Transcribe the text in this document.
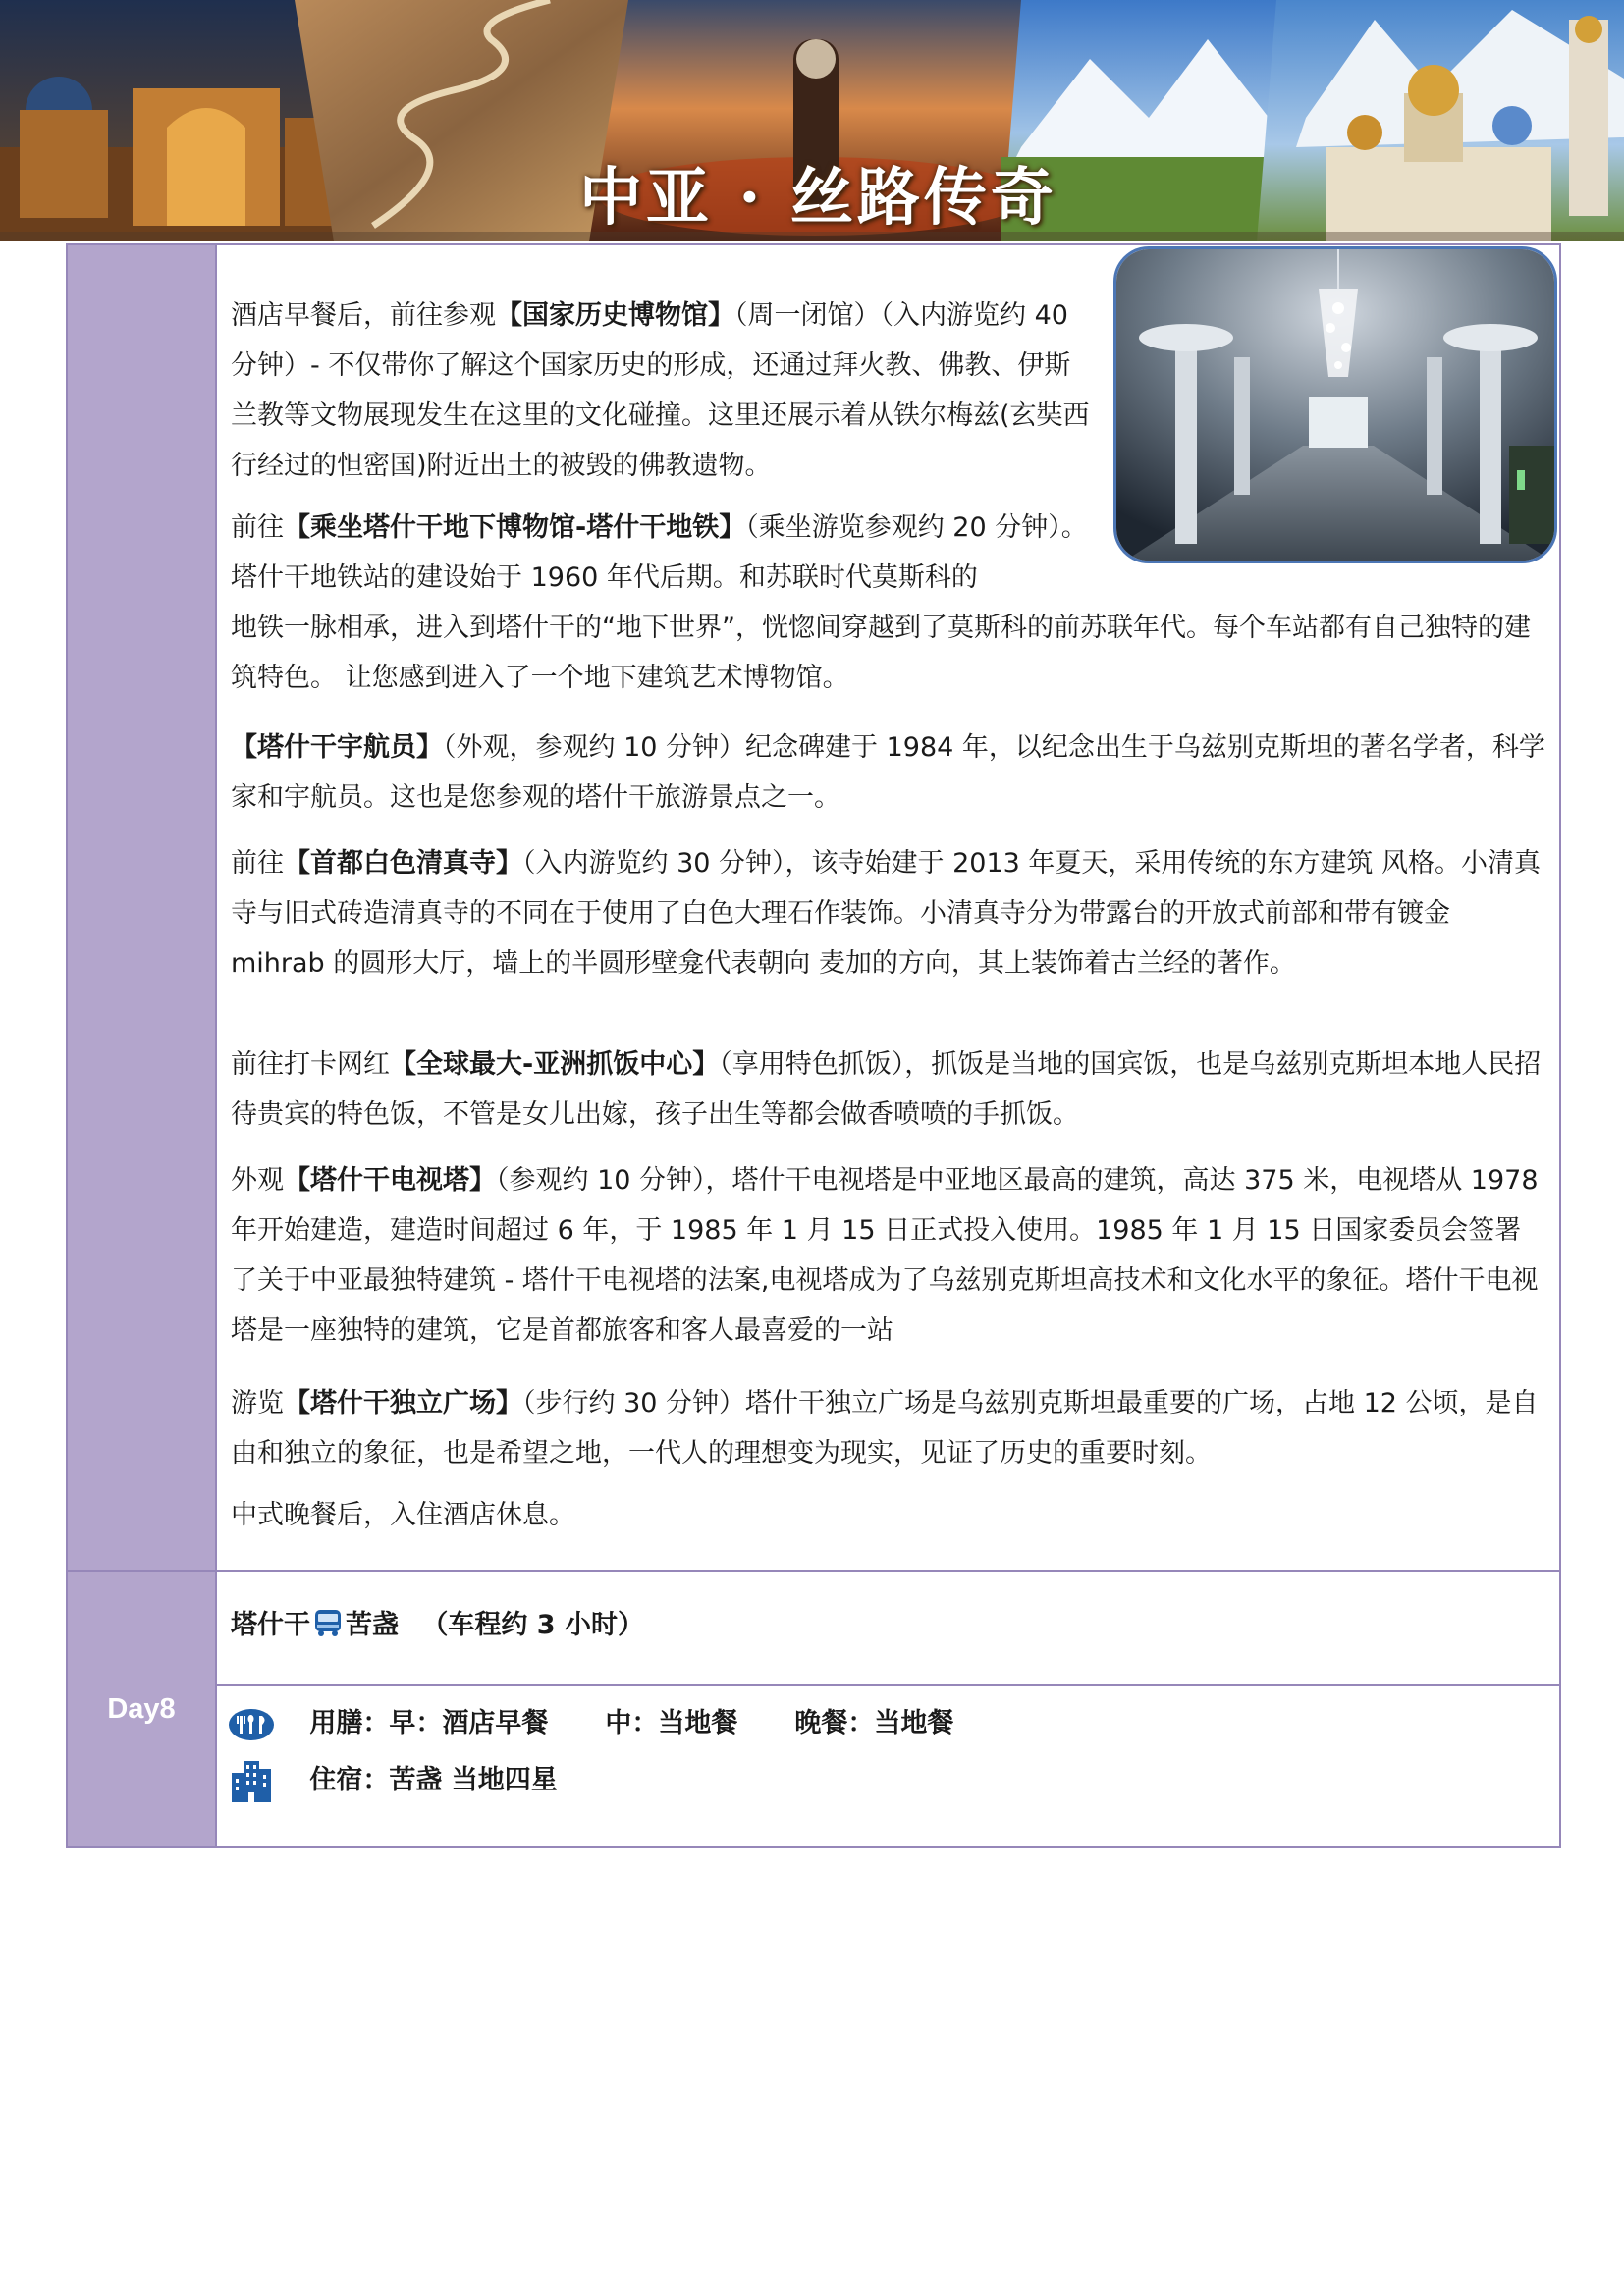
中亚 · 丝路传奇
Day8

酒店早餐后，前往参观【国家历史博物馆】（周一闭馆）（入内游览约 40 分钟）- 不仅带你了解这个国家历史的形成，还通过拜火教、佛教、伊斯兰教等文物展现发生在这里的文化碰撞。这里还展示着从铁尔梅兹(玄奘西行经过的怛密国)附近出土的被毁的佛教遗物。

前往【乘坐塔什干地下博物馆-塔什干地铁】（乘坐游览参观约 20 分钟）。塔什干地铁站的建设始于 1960 年代后期。和苏联时代莫斯科的

地铁一脉相承，进入到塔什干的“地下世界”，恍惚间穿越到了莫斯科的前苏联年代。每个车站都有自己独特的建筑特色。 让您感到进入了一个地下建筑艺术博物馆。

【塔什干宇航员】（外观，参观约 10 分钟）纪念碑建于 1984 年，以纪念出生于乌兹别克斯坦的著名学者，科学家和宇航员。这也是您参观的塔什干旅游景点之一。

前往【首都白色清真寺】（入内游览约 30 分钟），该寺始建于 2013 年夏天，采用传统的东方建筑 风格。小清真寺与旧式砖造清真寺的不同在于使用了白色大理石作装饰。小清真寺分为带露台的开放式前部和带有镀金 mihrab 的圆形大厅，墙上的半圆形壁龛代表朝向 麦加的方向，其上装饰着古兰经的著作。

前往打卡网红【全球最大-亚洲抓饭中心】（享用特色抓饭），抓饭是当地的国宾饭，也是乌兹别克斯坦本地人民招待贵宾的特色饭，不管是女儿出嫁，孩子出生等都会做香喷喷的手抓饭。

外观【塔什干电视塔】（参观约 10 分钟），塔什干电视塔是中亚地区最高的建筑，高达 375 米，电视塔从 1978 年开始建造，建造时间超过 6 年，于 1985 年 1 月 15 日正式投入使用。1985 年 1 月 15 日国家委员会签署了关于中亚最独特建筑 - 塔什干电视塔的法案,电视塔成为了乌兹别克斯坦高技术和文化水平的象征。塔什干电视塔是一座独特的建筑，它是首都旅客和客人最喜爱的一站

游览【塔什干独立广场】（步行约 30 分钟）塔什干独立广场是乌兹别克斯坦最重要的广场，占地 12 公顷，是自由和独立的象征，也是希望之地，一代人的理想变为现实，见证了历史的重要时刻。

中式晚餐后，入住酒店休息。

塔什干 苦盏 （车程约 3 小时）
用膳：早：酒店早餐 中：当地餐 晚餐：当地餐
住宿：苦盏 当地四星
